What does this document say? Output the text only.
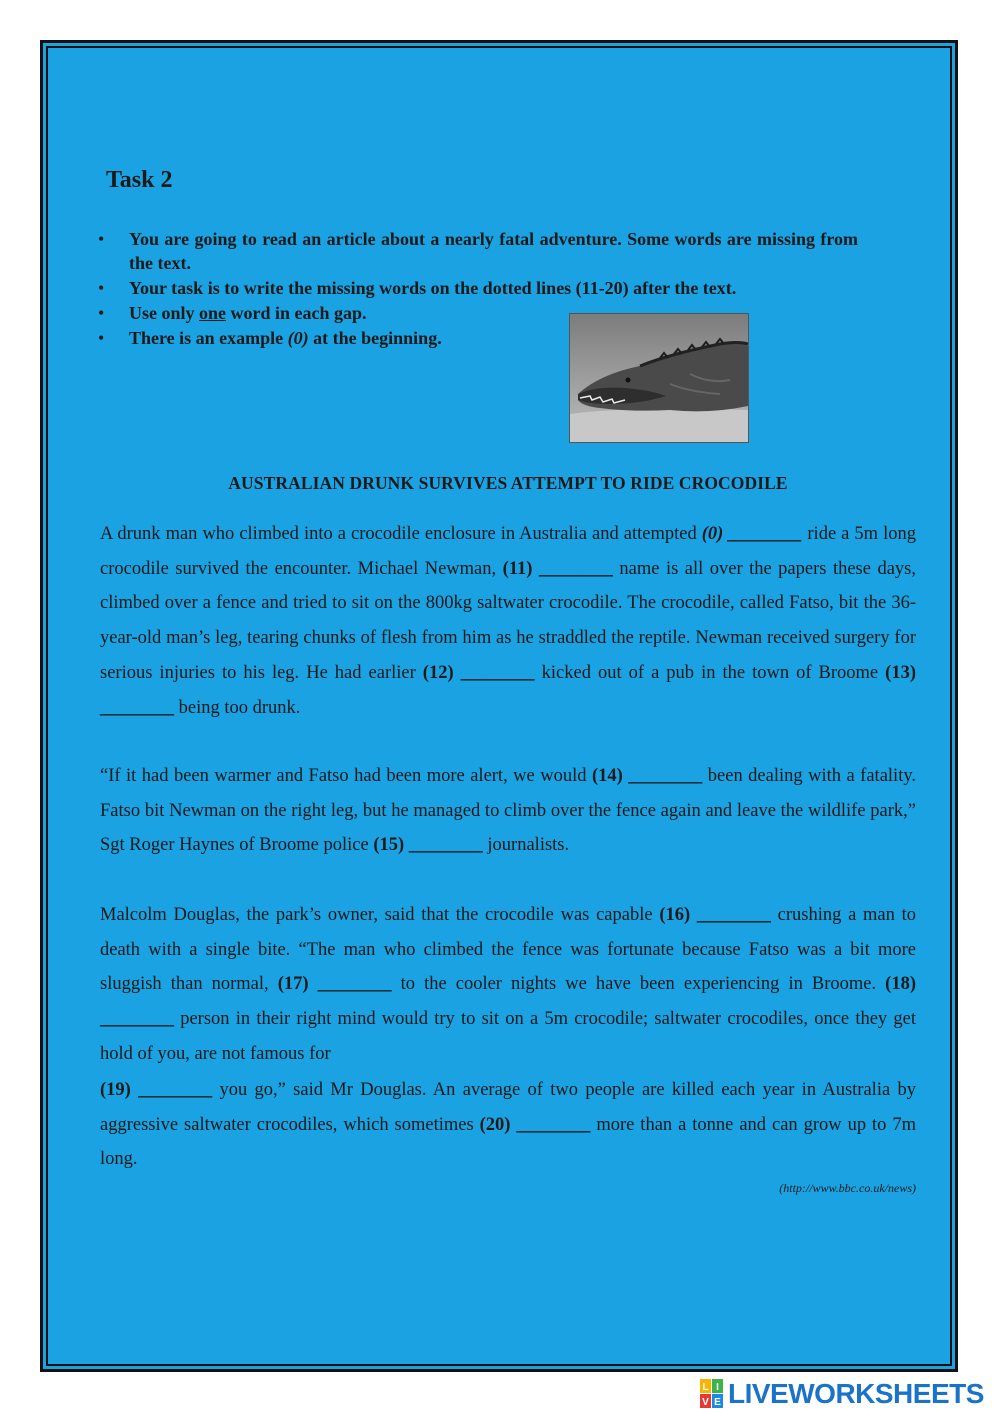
Task 2
• You are going to read an article about a nearly fatal adventure. Some words are missing from the text.
• Your task is to write the missing words on the dotted lines (11-20) after the text.
• Use only one word in each gap.
• There is an example (0) at the beginning.
AUSTRALIAN DRUNK SURVIVES ATTEMPT TO RIDE CROCODILE

A drunk man who climbed into a crocodile enclosure in Australia and attempted (0) ________ ride a 5m long crocodile survived the encounter. Michael Newman, (11) ________ name is all over the papers these days, climbed over a fence and tried to sit on the 800kg saltwater crocodile. The crocodile, called Fatso, bit the 36-year-old man’s leg, tearing chunks of flesh from him as he straddled the reptile. Newman received surgery for serious injuries to his leg. He had earlier (12) ________ kicked out of a pub in the town of Broome (13) ________ being too drunk.

“If it had been warmer and Fatso had been more alert, we would (14) ________ been dealing with a fatality. Fatso bit Newman on the right leg, but he managed to climb over the fence again and leave the wildlife park,” Sgt Roger Haynes of Broome police (15) ________ journalists.

Malcolm Douglas, the park’s owner, said that the crocodile was capable (16) ________ crushing a man to death with a single bite. “The man who climbed the fence was fortunate because Fatso was a bit more sluggish than normal, (17) ________ to the cooler nights we have been experiencing in Broome. (18) ________ person in their right mind would try to sit on a 5m crocodile; saltwater crocodiles, once they get hold of you, are not famous for

(19) ________ you go,” said Mr Douglas. An average of two people are killed each year in Australia by aggressive saltwater crocodiles, which sometimes (20) ________ more than a tonne and can grow up to 7m long.

(http://www.bbc.co.uk/news)
L I
V E LIVEWORKSHEETS
